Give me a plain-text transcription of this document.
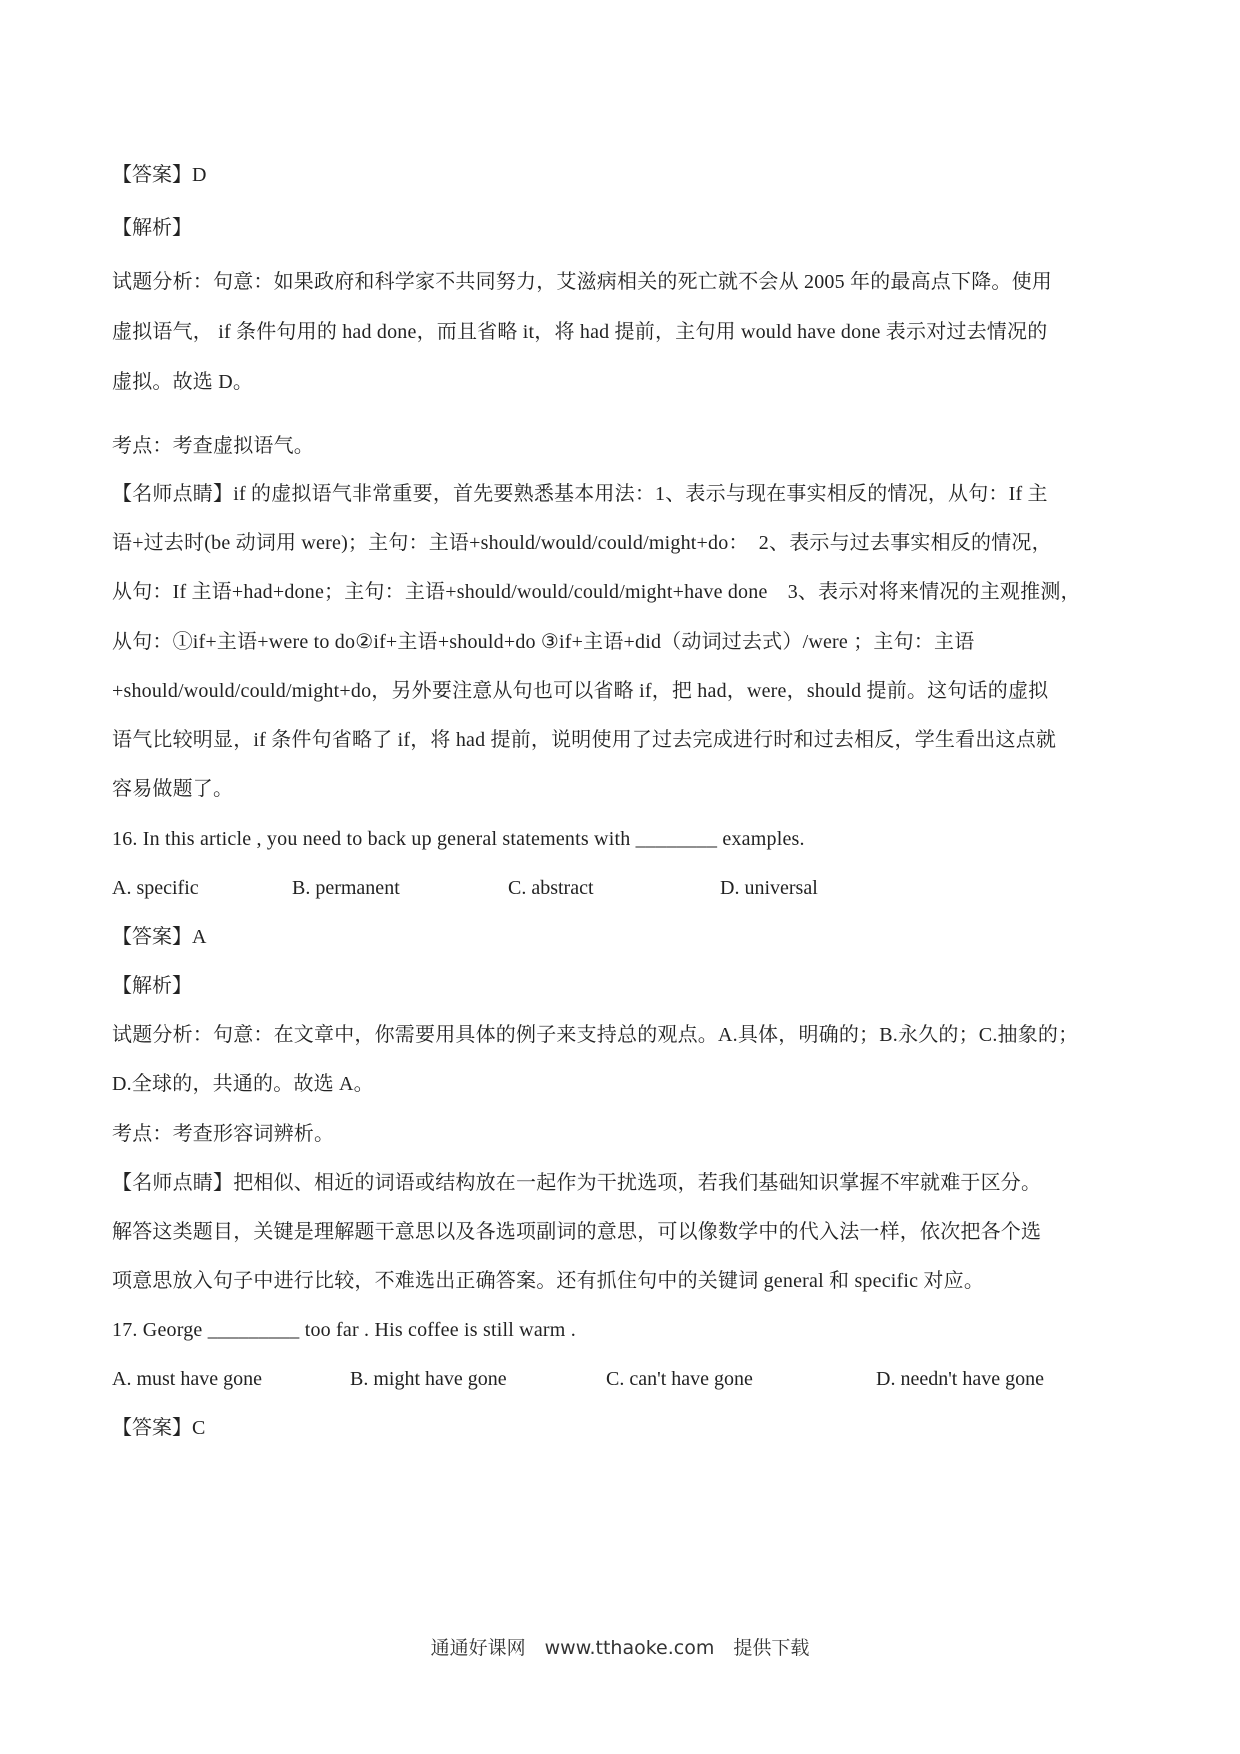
【答案】D
【解析】
试题分析：句意：如果政府和科学家不共同努力，艾滋病相关的死亡就不会从 2005 年的最高点下降。使用
虚拟语气， if 条件句用的 had done，而且省略 it，将 had 提前，主句用 would have done 表示对过去情况的
虚拟。故选 D。
考点：考查虚拟语气。
【名师点睛】if 的虚拟语气非常重要，首先要熟悉基本用法：1、表示与现在事实相反的情况，从句：If 主
语+过去时(be 动词用 were)；主句：主语+should/would/could/might+do：　2、表示与过去事实相反的情况，
从句：If 主语+had+done；主句：主语+should/would/could/might+have done　3、表示对将来情况的主观推测，
从句：①if+主语+were to do②if+主语+should+do ③if+主语+did（动词过去式）/were ；主句：主语
+should/would/could/might+do，另外要注意从句也可以省略 if，把 had，were，should 提前。这句话的虚拟
语气比较明显，if 条件句省略了 if，将 had 提前，说明使用了过去完成进行时和过去相反，学生看出这点就
容易做题了。
16. In this article , you need to back up general statements with ________ examples.
A. specific	B. permanent	C. abstract	D. universal
【答案】A
【解析】
试题分析：句意：在文章中，你需要用具体的例子来支持总的观点。A.具体，明确的；B.永久的；C.抽象的；
D.全球的，共通的。故选 A。
考点：考查形容词辨析。
【名师点睛】把相似、相近的词语或结构放在一起作为干扰选项，若我们基础知识掌握不牢就难于区分。
解答这类题目，关键是理解题干意思以及各选项副词的意思，可以像数学中的代入法一样，依次把各个选
项意思放入句子中进行比较，不难选出正确答案。还有抓住句中的关键词 general 和 specific 对应。
17. George _________ too far . His coffee is still warm .
A. must have gone	B. might have gone	C. can't have gone	D. needn't have gone
【答案】C
通通好课网　www.tthaoke.com　提供下载
